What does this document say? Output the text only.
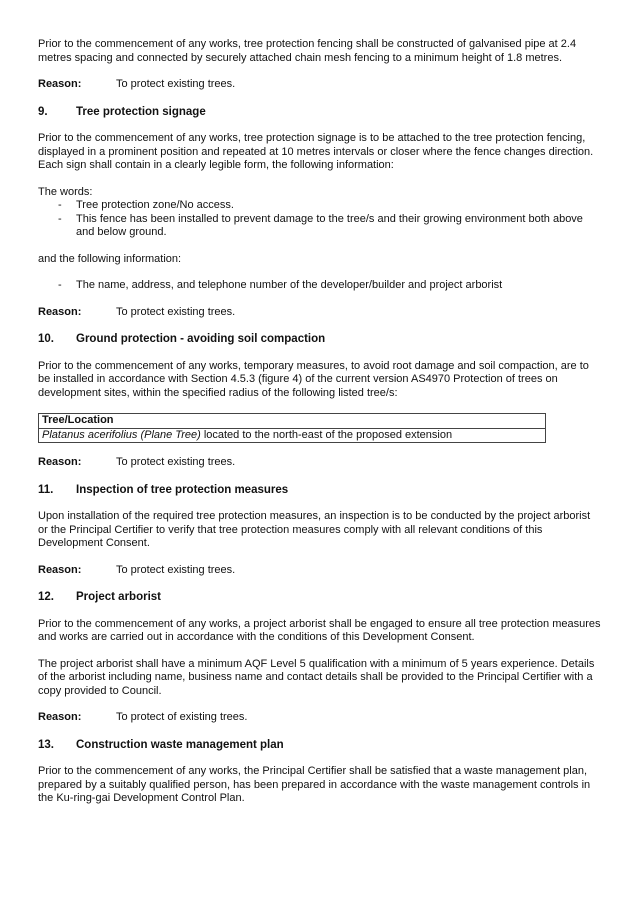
Prior to the commencement of any works, tree protection fencing shall be constructed of galvanised pipe at 2.4 metres spacing and connected by securely attached chain mesh fencing to a minimum height of 1.8 metres.

Reason:	To protect existing trees.
9.	Tree protection signage

Prior to the commencement of any works, tree protection signage is to be attached to the tree protection fencing, displayed in a prominent position and repeated at 10 metres intervals or closer where the fence changes direction. Each sign shall contain in a clearly legible form, the following information:

The words:

- Tree protection zone/No access.
- This fence has been installed to prevent damage to the tree/s and their growing environment both above and below ground.

and the following information:

- The name, address, and telephone number of the developer/builder and project arborist
Reason:	To protect existing trees.
10.	Ground protection - avoiding soil compaction

Prior to the commencement of any works, temporary measures, to avoid root damage and soil compaction, are to be installed in accordance with Section 4.5.3 (figure 4) of the current version AS4970 Protection of trees on development sites, within the specified radius of the following listed tree/s:

Tree/Location
Platanus acerifolius (Plane Tree) located to the north-east of the proposed extension
Reason:	To protect existing trees.
11.	Inspection of tree protection measures

Upon installation of the required tree protection measures, an inspection is to be conducted by the project arborist or the Principal Certifier to verify that tree protection measures comply with all relevant conditions of this Development Consent.

Reason:	To protect existing trees.
12.	Project arborist

Prior to the commencement of any works, a project arborist shall be engaged to ensure all tree protection measures and works are carried out in accordance with the conditions of this Development Consent.

The project arborist shall have a minimum AQF Level 5 qualification with a minimum of 5 years experience. Details of the arborist including name, business name and contact details shall be provided to the Principal Certifier with a copy provided to Council.

Reason:	To protect of existing trees.
13.	Construction waste management plan

Prior to the commencement of any works, the Principal Certifier shall be satisfied that a waste management plan, prepared by a suitably qualified person, has been prepared in accordance with the waste management controls in the Ku-ring-gai Development Control Plan.
